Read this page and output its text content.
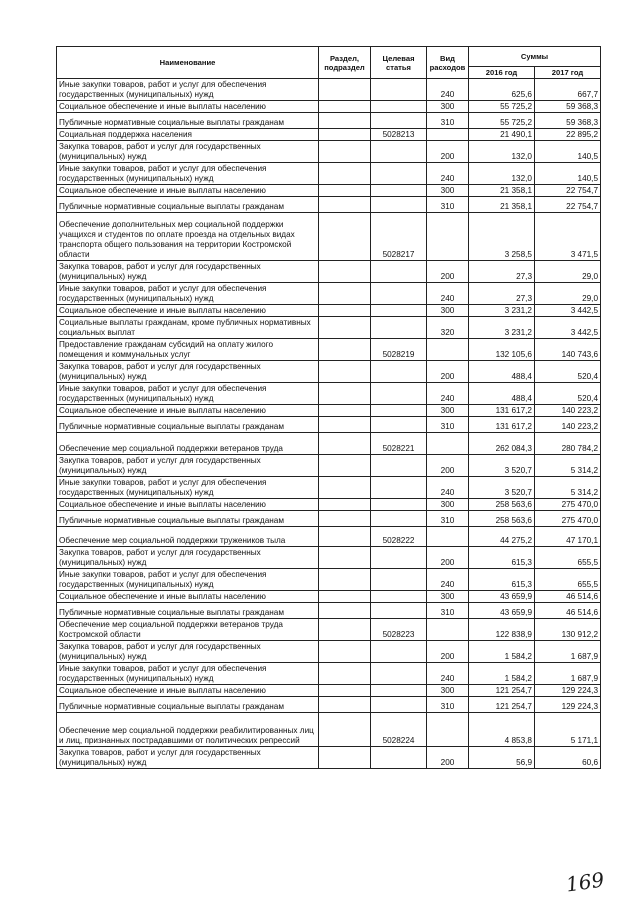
Наименование	Раздел, подраздел	Целевая статья	Вид расходов	Суммы	
				2016 год	2017 год
Иные закупки товаров, работ и услуг для обеспечения государственных (муниципальных) нужд			240	625,6	667,7
Социальное обеспечение и иные выплаты населению			300	55 725,2	59 368,3
Публичные нормативные социальные выплаты гражданам			310	55 725,2	59 368,3
Социальная поддержка населения		5028213		21 490,1	22 895,2
Закупка товаров, работ и услуг для государственных (муниципальных) нужд			200	132,0	140,5
Иные закупки товаров, работ и услуг для обеспечения государственных (муниципальных) нужд			240	132,0	140,5
Социальное обеспечение и иные выплаты населению			300	21 358,1	22 754,7
Публичные нормативные социальные выплаты гражданам			310	21 358,1	22 754,7
Обеспечение дополнительных мер социальной поддержки учащихся и студентов по оплате проезда на отдельных видах транспорта общего пользования на территории Костромской области		5028217		3 258,5	3 471,5
Закупка товаров, работ и услуг для государственных (муниципальных) нужд			200	27,3	29,0
Иные закупки товаров, работ и услуг для обеспечения государственных (муниципальных) нужд			240	27,3	29,0
Социальное обеспечение и иные выплаты населению			300	3 231,2	3 442,5
Социальные выплаты гражданам, кроме публичных нормативных социальных выплат			320	3 231,2	3 442,5
Предоставление гражданам субсидий на оплату жилого помещения и коммунальных услуг		5028219		132 105,6	140 743,6
Закупка товаров, работ и услуг для государственных (муниципальных) нужд			200	488,4	520,4
Иные закупки товаров, работ и услуг для обеспечения государственных (муниципальных) нужд			240	488,4	520,4
Социальное обеспечение и иные выплаты населению			300	131 617,2	140 223,2
Публичные нормативные социальные выплаты гражданам			310	131 617,2	140 223,2
Обеспечение мер социальной поддержки ветеранов труда		5028221		262 084,3	280 784,2
Закупка товаров, работ и услуг для государственных (муниципальных) нужд			200	3 520,7	5 314,2
Иные закупки товаров, работ и услуг для обеспечения государственных (муниципальных) нужд			240	3 520,7	5 314,2
Социальное обеспечение и иные выплаты населению			300	258 563,6	275 470,0
Публичные нормативные социальные выплаты гражданам			310	258 563,6	275 470,0
Обеспечение мер социальной поддержки тружеников тыла		5028222		44 275,2	47 170,1
Закупка товаров, работ и услуг для государственных (муниципальных) нужд			200	615,3	655,5
Иные закупки товаров, работ и услуг для обеспечения государственных (муниципальных) нужд			240	615,3	655,5
Социальное обеспечение и иные выплаты населению			300	43 659,9	46 514,6
Публичные нормативные социальные выплаты гражданам			310	43 659,9	46 514,6
Обеспечение мер социальной поддержки ветеранов труда Костромской области		5028223		122 838,9	130 912,2
Закупка товаров, работ и услуг для государственных (муниципальных) нужд			200	1 584,2	1 687,9
Иные закупки товаров, работ и услуг для обеспечения государственных (муниципальных) нужд			240	1 584,2	1 687,9
Социальное обеспечение и иные выплаты населению			300	121 254,7	129 224,3
Публичные нормативные социальные выплаты гражданам			310	121 254,7	129 224,3
Обеспечение мер социальной поддержки реабилитированных лиц и лиц, признанных пострадавшими от политических репрессий		5028224		4 853,8	5 171,1
Закупка товаров, работ и услуг для государственных (муниципальных) нужд			200	56,9	60,6
169
